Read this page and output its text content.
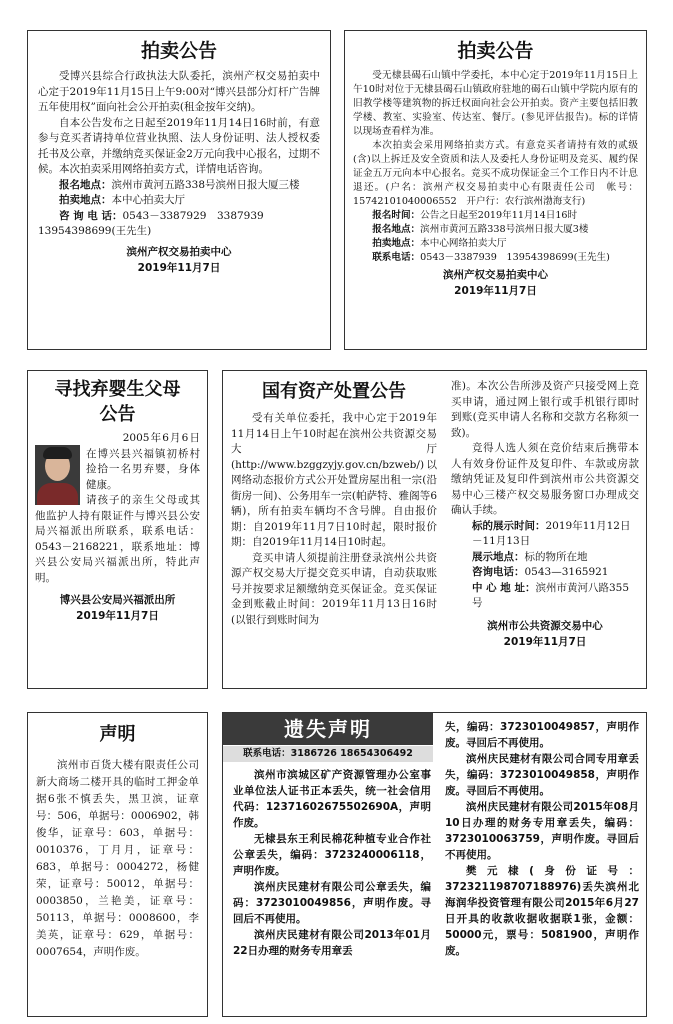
拍卖公告

受博兴县综合行政执法大队委托，滨州产权交易拍卖中心定于2019年11月15日上午9:00对“博兴县部分灯杆广告牌五年使用权”面向社会公开拍卖(租金按年交纳)。

自本公告发布之日起至2019年11月14日16时前，有意参与竞买者请持单位营业执照、法人身份证明、法人授权委托书及公章，并缴纳竞买保证金2万元向我中心报名，过期不候。本次拍卖采用网络拍卖方式，详情电话咨询。

报名地点：滨州市黄河五路338号滨州日报大厦三楼

拍卖地点：本中心拍卖大厅

咨 询 电 话：0543－3387929　3387939

13954398699(王先生)

滨州产权交易拍卖中心

2019年11月7日

拍卖公告

受无棣县碣石山镇中学委托，本中心定于2019年11月15日上午10时对位于无棣县碣石山镇政府驻地的碣石山镇中学院内原有的旧教学楼等建筑物的拆迁权面向社会公开拍卖。资产主要包括旧教学楼、教室、实验室、传达室、餐厅。(参见评估报告)。标的详情以现场查看样为准。

本次拍卖会采用网络拍卖方式。有意竞买者请持有效的贰级(含)以上拆迁及安全资质和法人及委托人身份证明及竞买、履约保证金五万元向本中心报名。竞买不成功保证金三个工作日内不计息退还。(户名：滨州产权交易拍卖中心有限责任公司　帐号：15742101040006552　开户行：农行滨州渤海支行)

报名时间：公告之日起至2019年11月14日16时
报名地点：滨州市黄河五路338号滨州日报大厦3楼
拍卖地点：本中心网络拍卖大厅
联系电话：0543－3387939　13954398699(王先生)

滨州产权交易拍卖中心

2019年11月7日

寻找弃婴生父母
公告

2005年6月6日在博兴县兴福镇初桥村捡拾一名男弃婴，身体健康。

请孩子的亲生父母或其他监护人持有限证件与博兴县公安局兴福派出所联系，联系电话：0543－2168221，联系地址：博兴县公安局兴福派出所，特此声明。

博兴县公安局兴福派出所

2019年11月7日

国有资产处置公告

受有关单位委托，我中心定于2019年11月14日上午10时起在滨州公共资源交易大厅(http://www.bzggzyjy.gov.cn/bzweb/)以网络动态报价方式公开处置房屋出租一宗(沿街房一间)、公务用车一宗(帕萨特、雅阁等6辆)，所有拍卖车辆均不含号牌。自由报价期：自2019年11月7日10时起，限时报价期：自2019年11月14日10时起。

竞买申请人须提前注册登录滨州公共资源产权交易大厅提交竞买申请，自动获取账号并按要求足额缴纳竞买保证金。竞买保证金到账截止时间：2019年11月13日16时(以银行到账时间为

准)。本次公告所涉及资产只接受网上竞买申请，通过网上银行或手机银行即时到账(竞买申请人名称和交款方名称须一致)。

竞得人选人须在竞价结束后携带本人有效身份证件及复印件、车款或房款缴纳凭证及复印件到滨州市公共资源交易中心三楼产权交易服务窗口办理成交确认手续。

标的展示时间：2019年11月12日－11月13日
展示地点：标的物所在地
咨询电话：0543—3165921
中 心 地 址：滨州市黄河八路355号

滨州市公共资源交易中心

2019年11月7日

声明

滨州市百货大楼有限责任公司新大商场二楼开具的临时工押金单据6张不慎丢失，黑卫滨，证章号：506，单据号：0006902，韩俊华，证章号：603，单据号：0010376，丁月月，证章号：683，单据号：0004272，杨健荣，证章号：50012，单据号：0003850，兰艳美，证章号：50113，单据号：0008600，李美英，证章号：629，单据号：0007654，声明作废。

遗失声明
联系电话：3186726 18654306492

滨州市滨城区矿产资源管理办公室事业单位法人证书正本丢失，统一社会信用代码：12371602675502690A，声明作废。

无棣县东王利民棉花种植专业合作社公章丢失，编码：3723240006118，声明作废。

滨州庆民建材有限公司公章丢失，编码：3723010049856，声明作废。寻回后不再使用。

滨州庆民建材有限公司2013年01月22日办理的财务专用章丢

失，编码：3723010049857，声明作废。寻回后不再使用。

滨州庆民建材有限公司合同专用章丢失，编码：3723010049858，声明作废。寻回后不再使用。

滨州庆民建材有限公司2015年08月10日办理的财务专用章丢失，编码：3723010063759，声明作废。寻回后不再使用。

樊元棣(身份证号：372321198707188976)丢失滨州北海润华投资管理有限公司2015年6月27日开具的收款收据收据联1张，金额：50000元，票号：5081900，声明作废。
